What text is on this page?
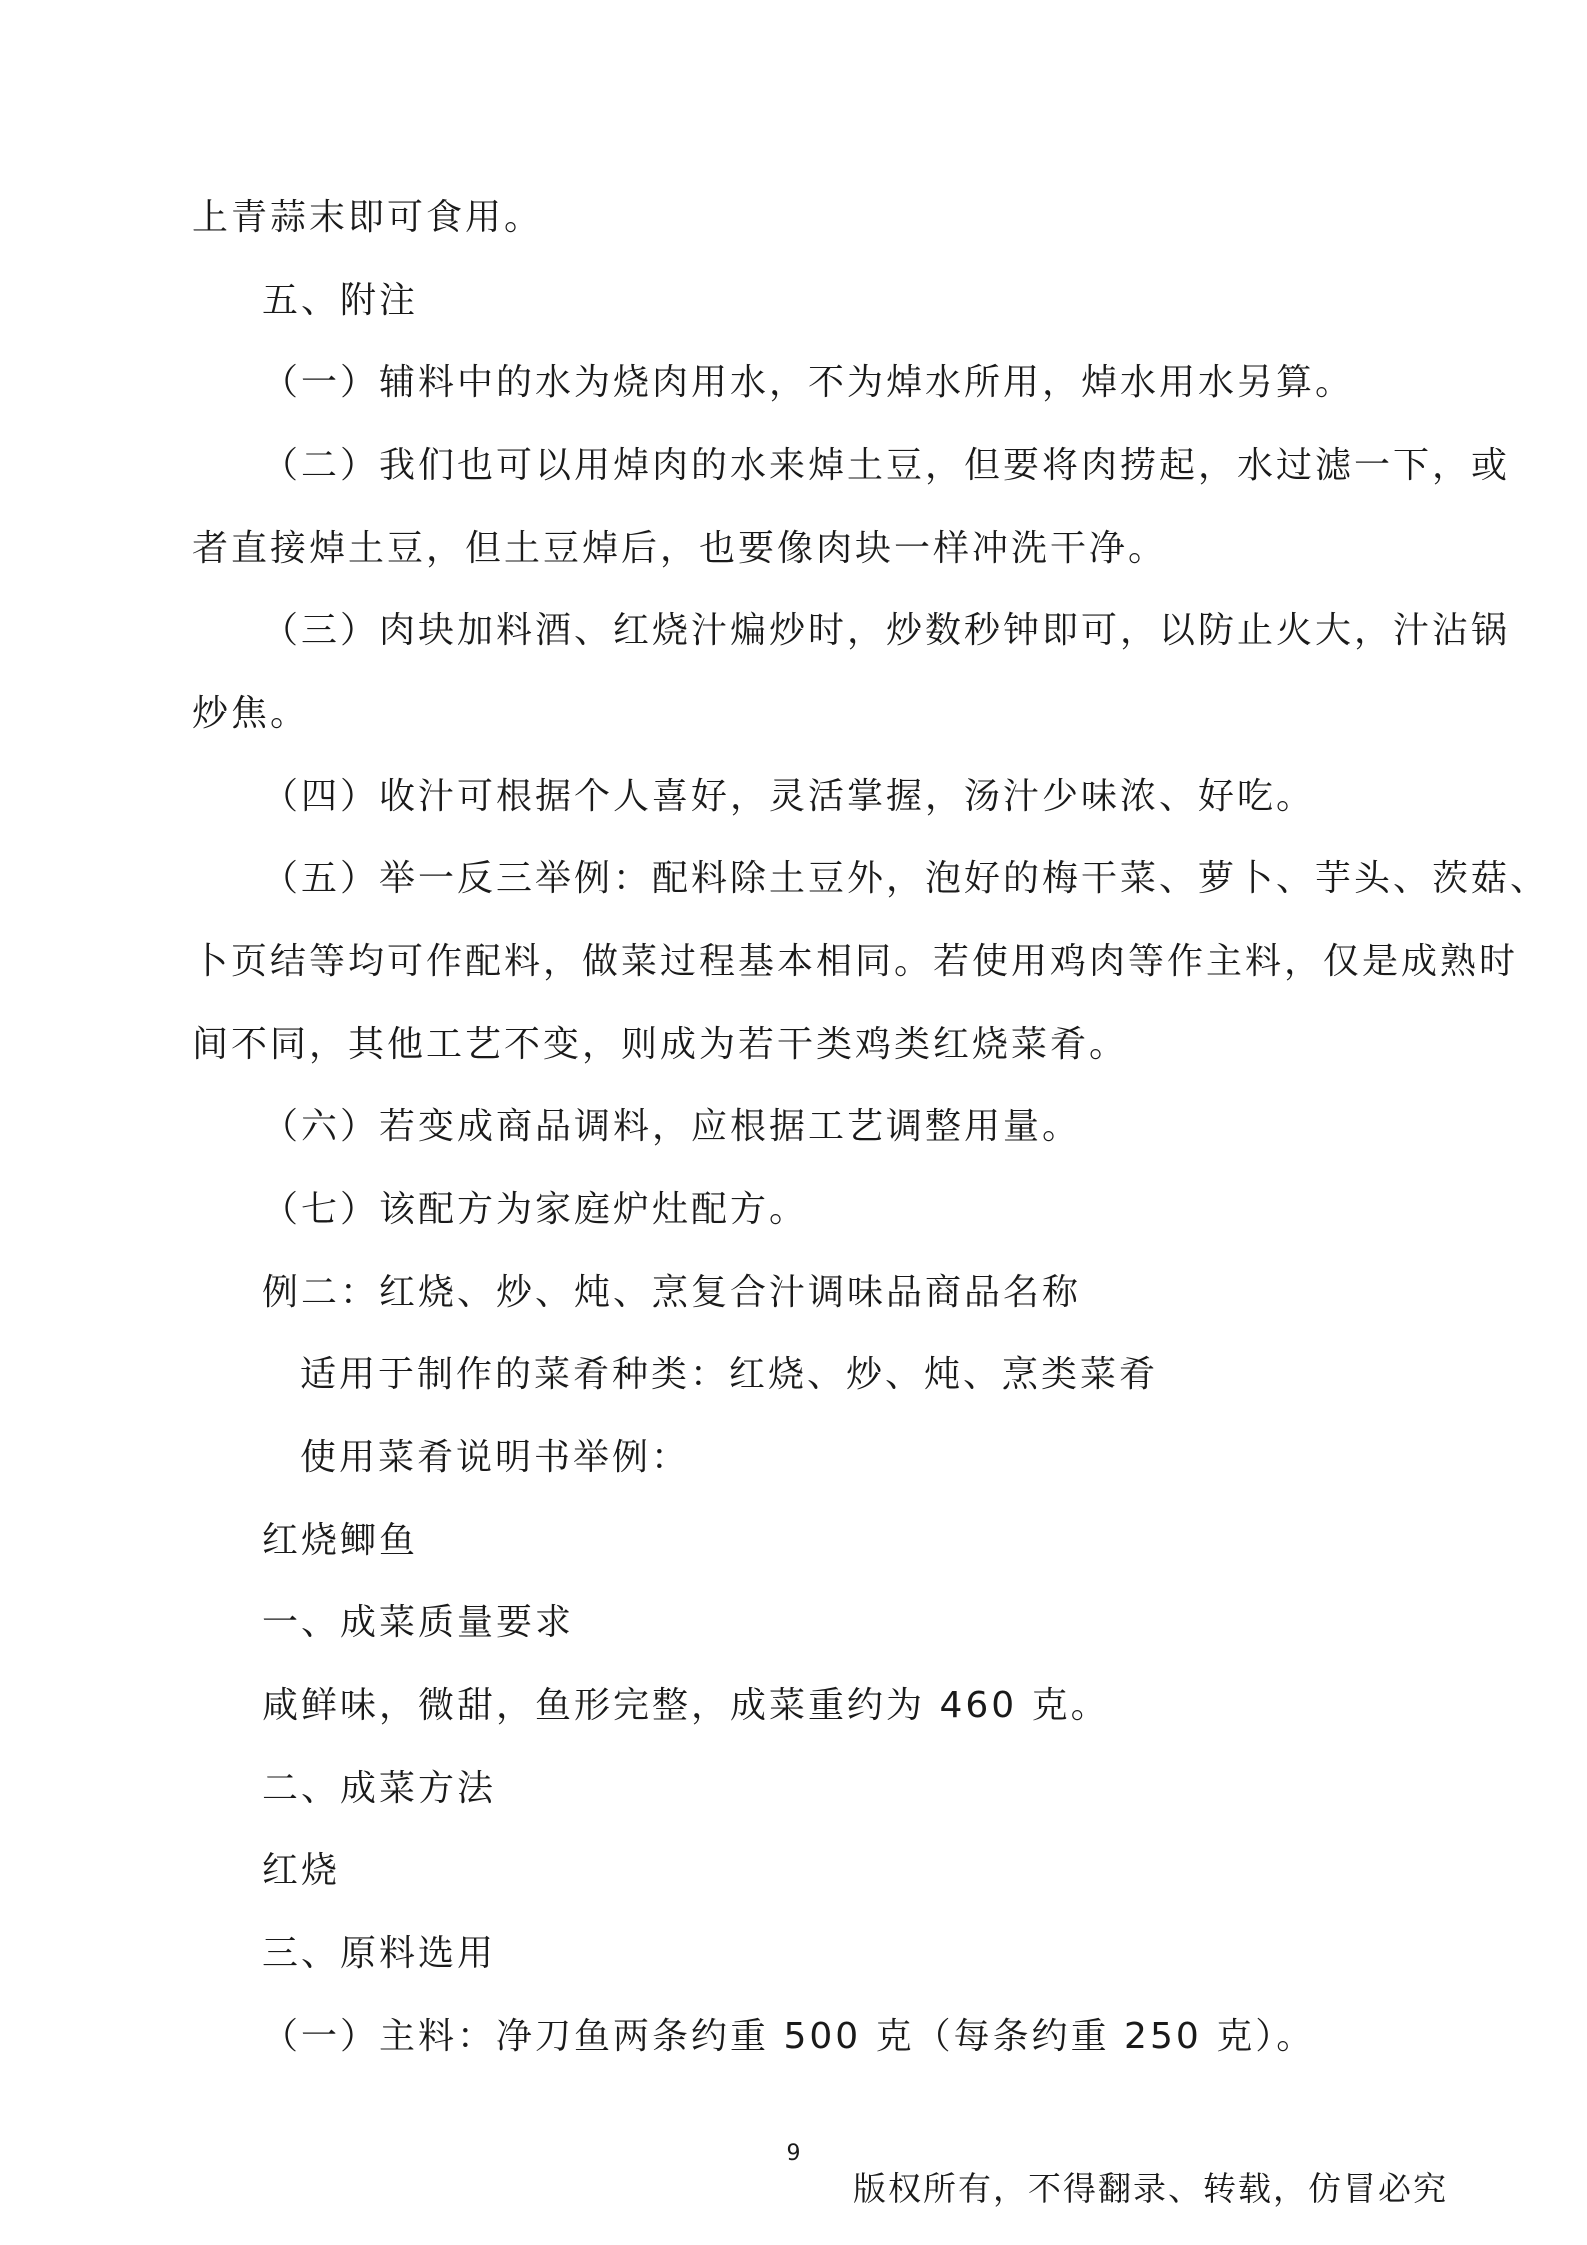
上青蒜末即可食用。
五、附注
（一）辅料中的水为烧肉用水，不为焯水所用，焯水用水另算。
（二）我们也可以用焯肉的水来焯土豆，但要将肉捞起，水过滤一下，或
者直接焯土豆，但土豆焯后，也要像肉块一样冲洗干净。
（三）肉块加料酒、红烧汁煸炒时，炒数秒钟即可，以防止火大，汁沾锅
炒焦。
（四）收汁可根据个人喜好，灵活掌握，汤汁少味浓、好吃。
（五）举一反三举例：配料除土豆外，泡好的梅干菜、萝卜、芋头、茨菇、
卜页结等均可作配料，做菜过程基本相同。若使用鸡肉等作主料，仅是成熟时
间不同，其他工艺不变，则成为若干类鸡类红烧菜肴。
（六）若变成商品调料，应根据工艺调整用量。
（七）该配方为家庭炉灶配方。
例二：红烧、炒、炖、烹复合汁调味品商品名称
适用于制作的菜肴种类：红烧、炒、炖、烹类菜肴
使用菜肴说明书举例：
红烧鲫鱼
一、成菜质量要求
咸鲜味，微甜，鱼形完整，成菜重约为 460 克。
二、成菜方法
红烧
三、原料选用
（一）主料：净刀鱼两条约重 500 克（每条约重 250 克）。
9
版权所有，不得翻录、转载，仿冒必究
